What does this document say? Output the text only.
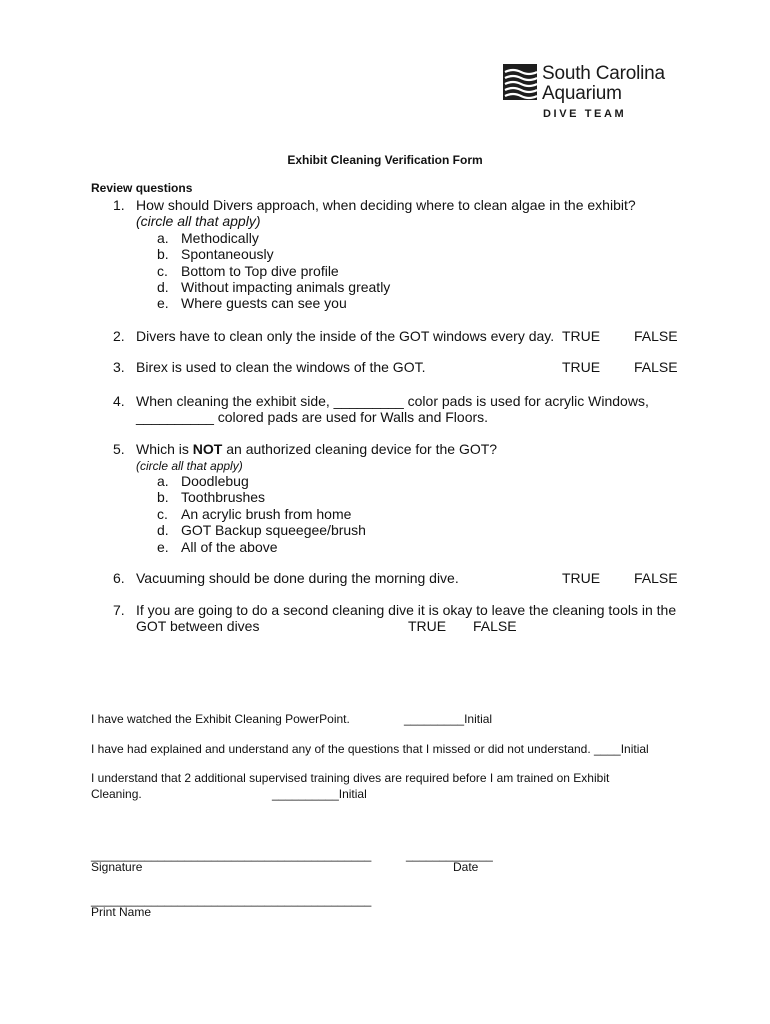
South Carolina
Aquarium
DIVE TEAM
Exhibit Cleaning Verification Form
Review questions
1. How should Divers approach, when deciding where to clean algae in the exhibit?
(circle all that apply)
a. Methodically
b. Spontaneously
c. Bottom to Top dive profile
d. Without impacting animals greatly
e. Where guests can see you
2. Divers have to clean only the inside of the GOT windows every day. TRUE FALSE
3. Birex is used to clean the windows of the GOT.	TRUE FALSE
4. When cleaning the exhibit side, _________ color pads is used for acrylic Windows,
__________ colored pads are used for Walls and Floors.
5. Which is NOT an authorized cleaning device for the GOT?
(circle all that apply)
a. Doodlebug
b. Toothbrushes
c. An acrylic brush from home
d. GOT Backup squeegee/brush
e. All of the above
6. Vacuuming should be done during the morning dive.	TRUE FALSE
7. If you are going to do a second cleaning dive it is okay to leave the cleaning tools in the
GOT between dives	TRUE FALSE
I have watched the Exhibit Cleaning PowerPoint.	_________Initial
I have had explained and understand any of the questions that I missed or did not understand. ____Initial
I understand that 2 additional supervised training dives are required before I am trained on Exhibit
Cleaning.	__________Initial
__________________________________________	_____________
Signature	Date
__________________________________________
Print Name
